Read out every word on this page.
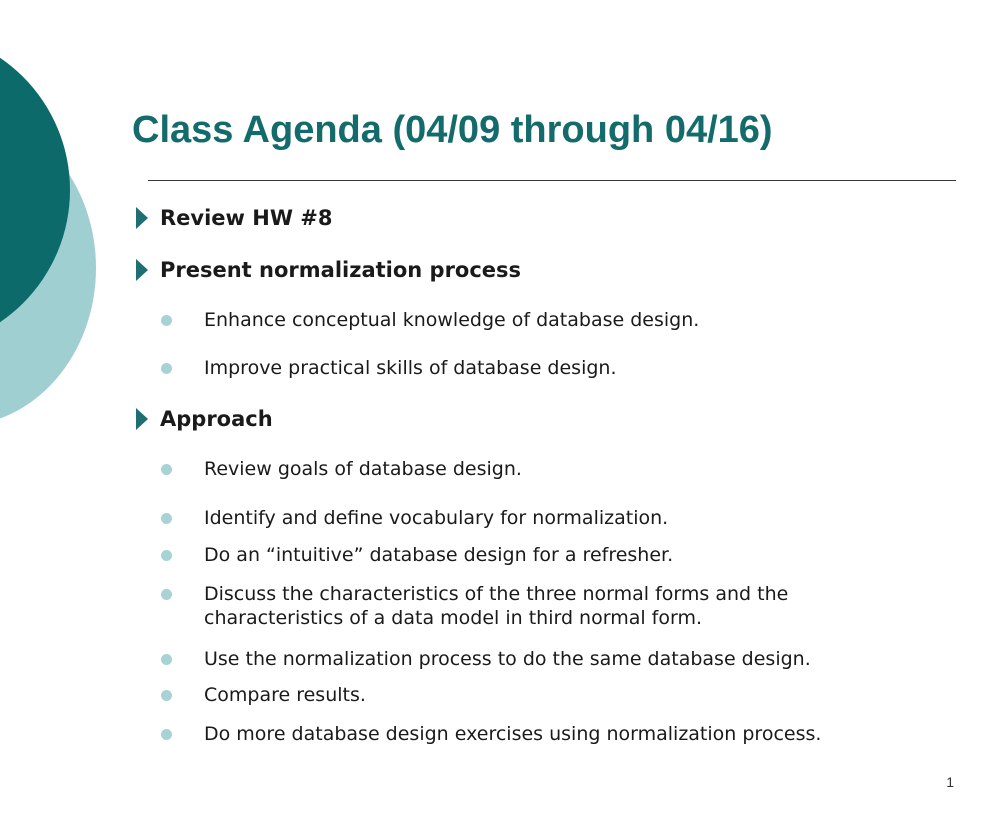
Class Agenda (04/09 through 04/16)
Review HW #8
Present normalization process
Enhance conceptual knowledge of database design.
Improve practical skills of database design.
Approach
Review goals of database design.
Identify and define vocabulary for normalization.
Do an “intuitive” database design for a refresher.
Discuss the characteristics of the three normal forms and the characteristics of a data model in third normal form.
Use the normalization process to do the same database design.
Compare results.
Do more database design exercises using normalization process.
1
